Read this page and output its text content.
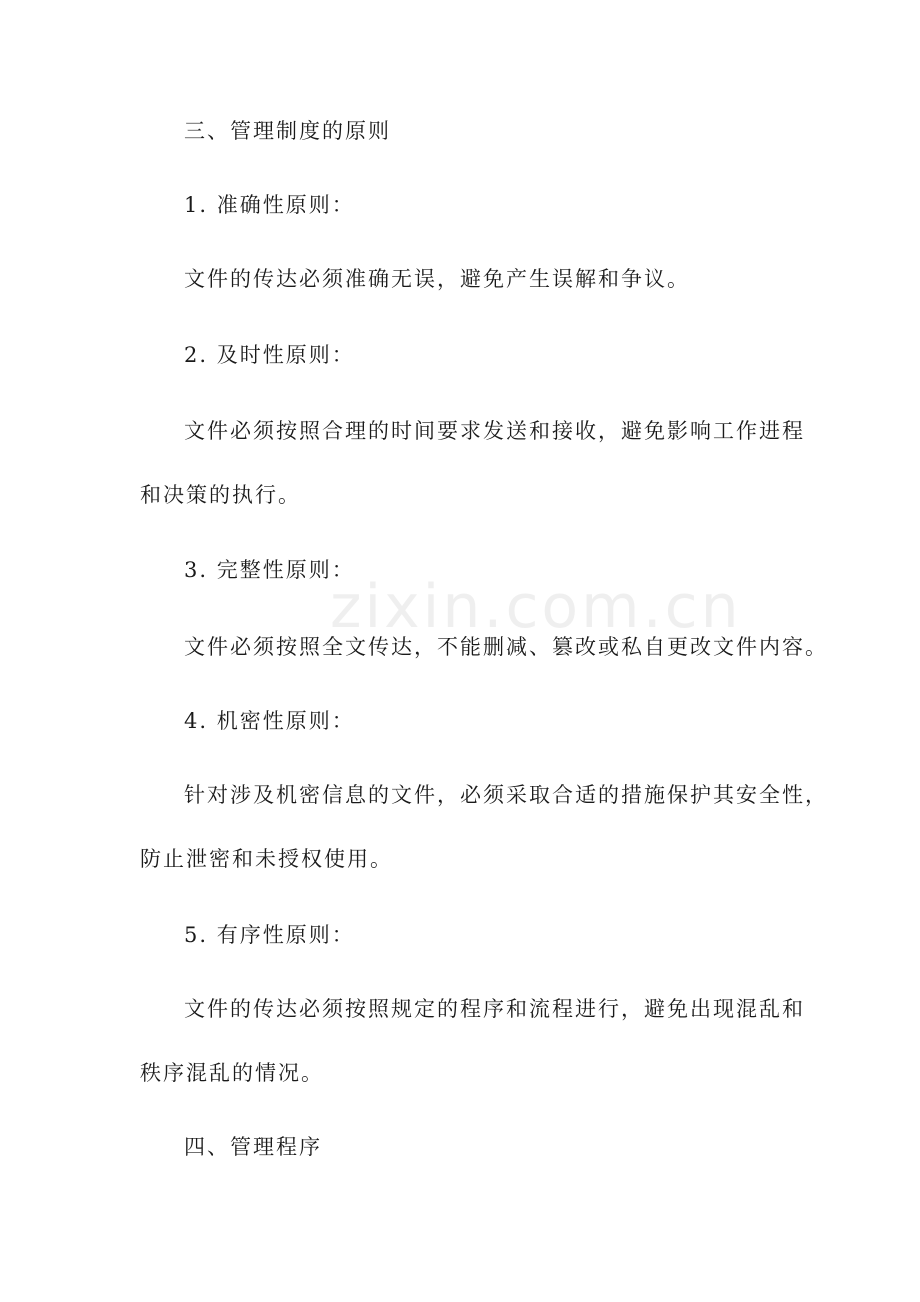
zixin.com.cn
三、管理制度的原则
1. 准确性原则：
文件的传达必须准确无误，避免产生误解和争议。
2. 及时性原则：
文件必须按照合理的时间要求发送和接收，避免影响工作进程
和决策的执行。
3. 完整性原则：
文件必须按照全文传达，不能删减、篡改或私自更改文件内容。
4. 机密性原则：
针对涉及机密信息的文件，必须采取合适的措施保护其安全性，
防止泄密和未授权使用。
5. 有序性原则：
文件的传达必须按照规定的程序和流程进行，避免出现混乱和
秩序混乱的情况。
四、管理程序
